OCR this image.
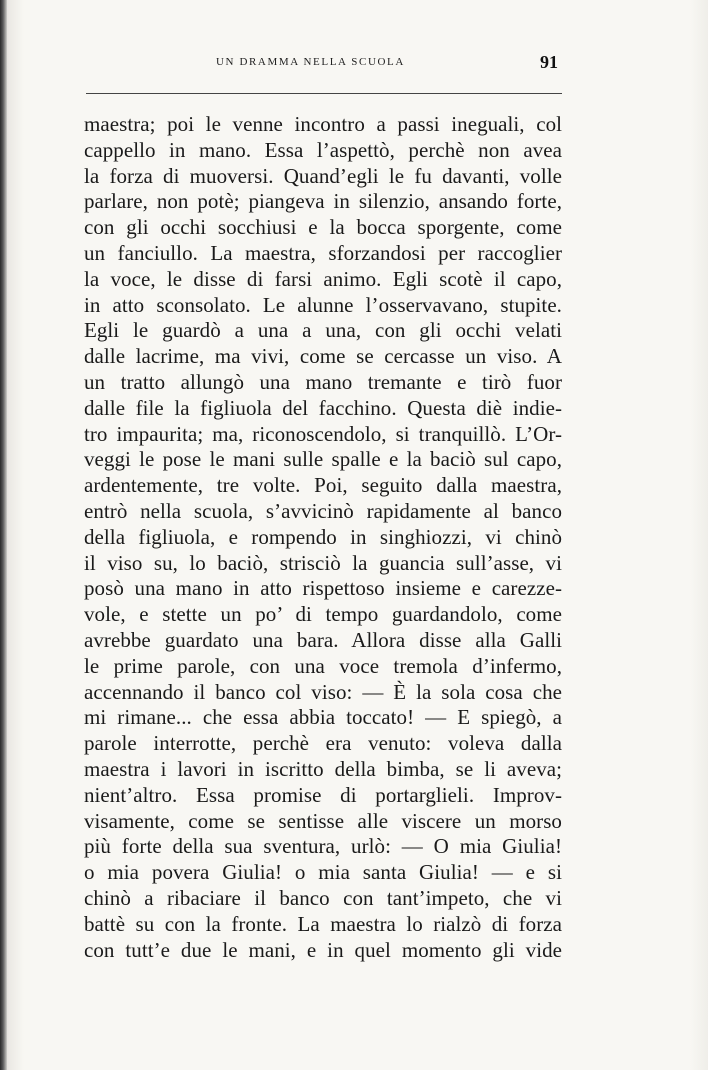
UN DRAMMA NELLA SCUOLA	91
maestra; poi le venne incontro a passi ineguali, col
cappello in mano. Essa l’aspettò, perchè non avea
la forza di muoversi. Quand’egli le fu davanti, volle
parlare, non potè; piangeva in silenzio, ansando forte,
con gli occhi socchiusi e la bocca sporgente, come
un fanciullo. La maestra, sforzandosi per raccoglier
la voce, le disse di farsi animo. Egli scotè il capo,
in atto sconsolato. Le alunne l’osservavano, stupite.
Egli le guardò a una a una, con gli occhi velati
dalle lacrime, ma vivi, come se cercasse un viso. A
un tratto allungò una mano tremante e tirò fuor
dalle file la figliuola del facchino. Questa diè indie-
tro impaurita; ma, riconoscendolo, si tranquillò. L’Or-
veggi le pose le mani sulle spalle e la baciò sul capo,
ardentemente, tre volte. Poi, seguito dalla maestra,
entrò nella scuola, s’avvicinò rapidamente al banco
della figliuola, e rompendo in singhiozzi, vi chinò
il viso su, lo baciò, strisciò la guancia sull’asse, vi
posò una mano in atto rispettoso insieme e carezze-
vole, e stette un po’ di tempo guardandolo, come
avrebbe guardato una bara. Allora disse alla Galli
le prime parole, con una voce tremola d’infermo,
accennando il banco col viso: — È la sola cosa che
mi rimane... che essa abbia toccato! — E spiegò, a
parole interrotte, perchè era venuto: voleva dalla
maestra i lavori in iscritto della bimba, se li aveva;
nient’altro. Essa promise di portarglieli. Improv-
visamente, come se sentisse alle viscere un morso
più forte della sua sventura, urlò: — O mia Giulia!
o mia povera Giulia! o mia santa Giulia! — e si
chinò a ribaciare il banco con tant’impeto, che vi
battè su con la fronte. La maestra lo rialzò di forza
con tutt’e due le mani, e in quel momento gli vide
